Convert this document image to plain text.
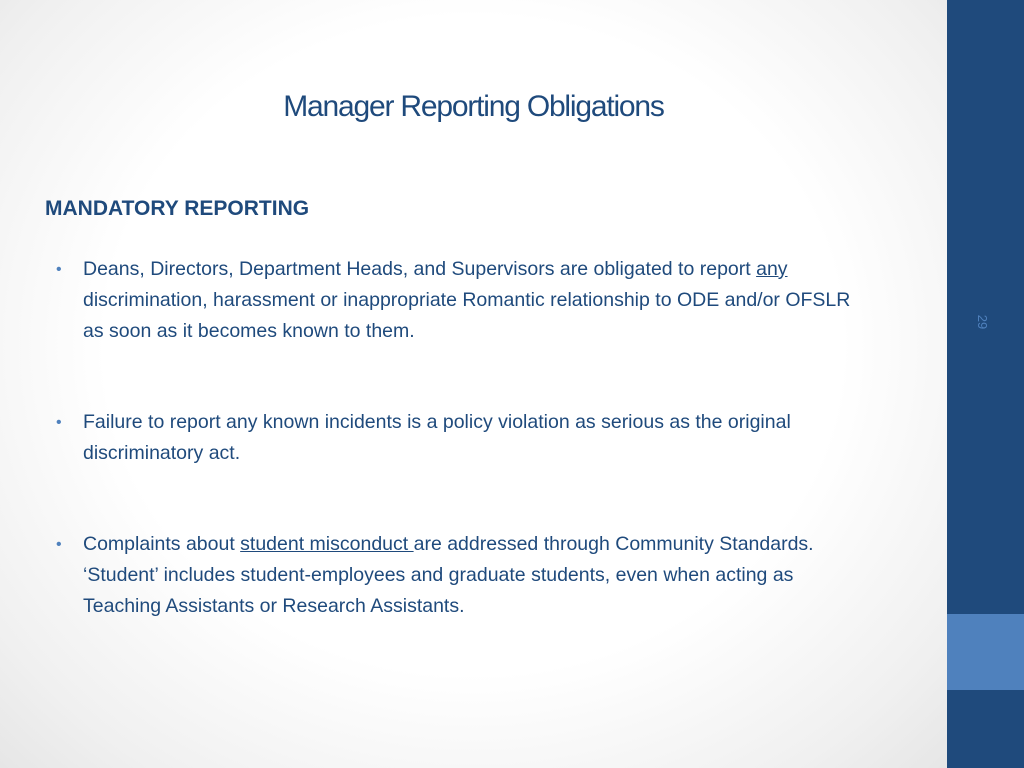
Manager Reporting Obligations
MANDATORY REPORTING
• Deans, Directors, Department Heads, and Supervisors are obligated to report any discrimination, harassment or inappropriate Romantic relationship to ODE and/or OFSLR as soon as it becomes known to them.
• Failure to report any known incidents is a policy violation as serious as the original discriminatory act.
• Complaints about student misconduct are addressed through Community Standards. ‘Student’ includes student-employees and graduate students, even when acting as Teaching Assistants or Research Assistants.
29
